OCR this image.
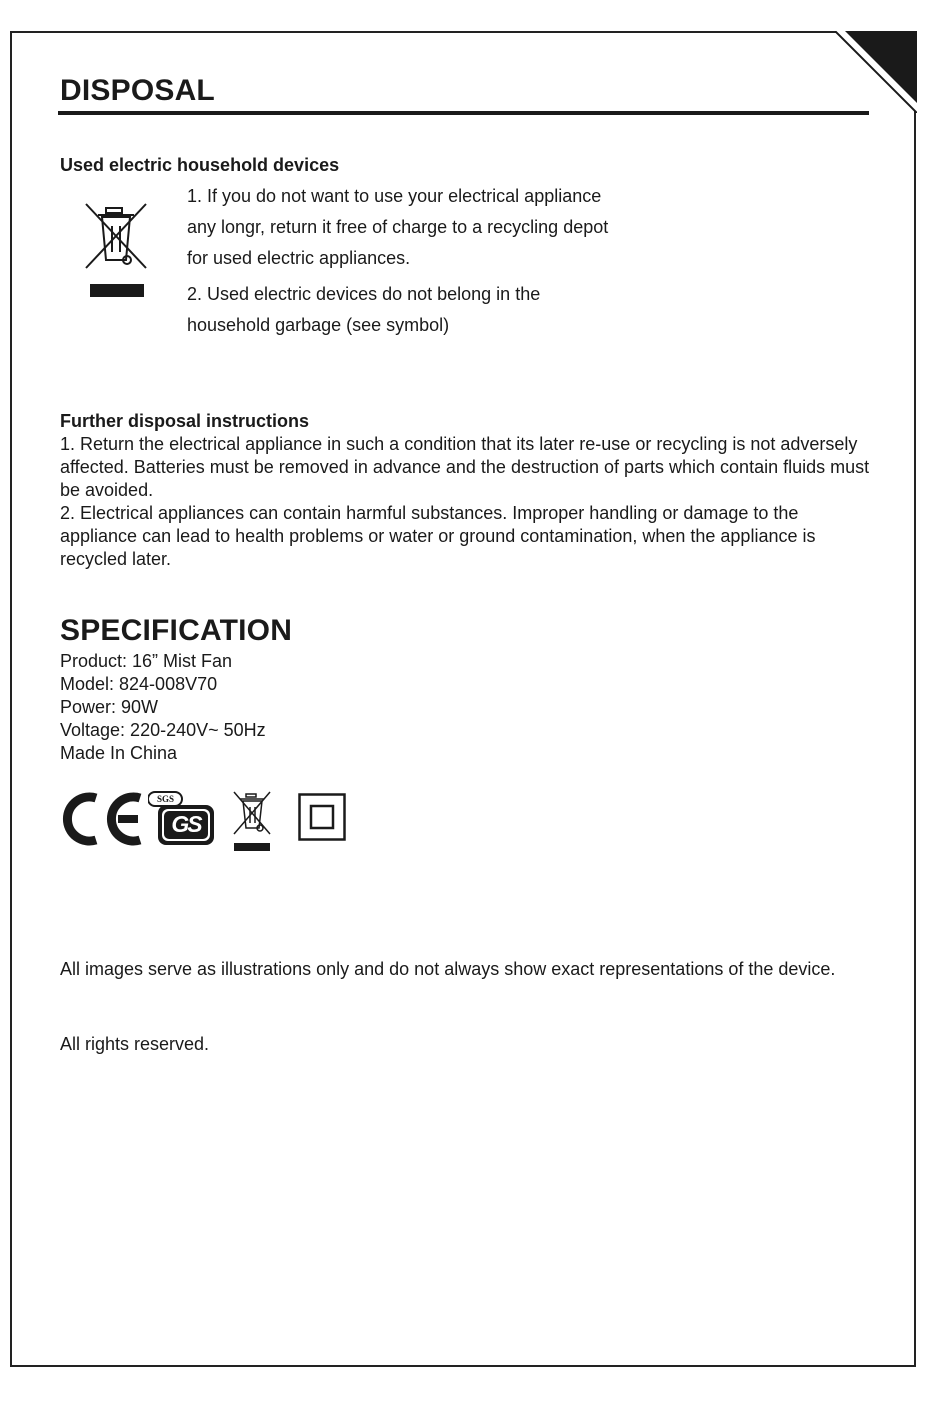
DISPOSAL
Used electric household devices
1. If you do not want to use your electrical appliance
any longr, return it free of charge to a recycling depot
for used electric appliances.
2. Used electric devices do not belong in the
household garbage (see symbol)
Further disposal instructions

1. Return the electrical appliance in such a condition that its later re-use or recycling is not adversely affected. Batteries must be removed in advance and the destruction of parts which contain fluids must be avoided.

2. Electrical appliances can contain harmful substances. Improper handling or damage to the appliance can lead to health problems or water or ground contamination, when the appliance is recycled later.

SPECIFICATION
Product: 16” Mist Fan
Model: 824-008V70
Power: 90W
Voltage: 220-240V~ 50Hz
Made In China
SGS
GS

All images serve as illustrations only and do not always show exact representations of the device.

All rights reserved.
